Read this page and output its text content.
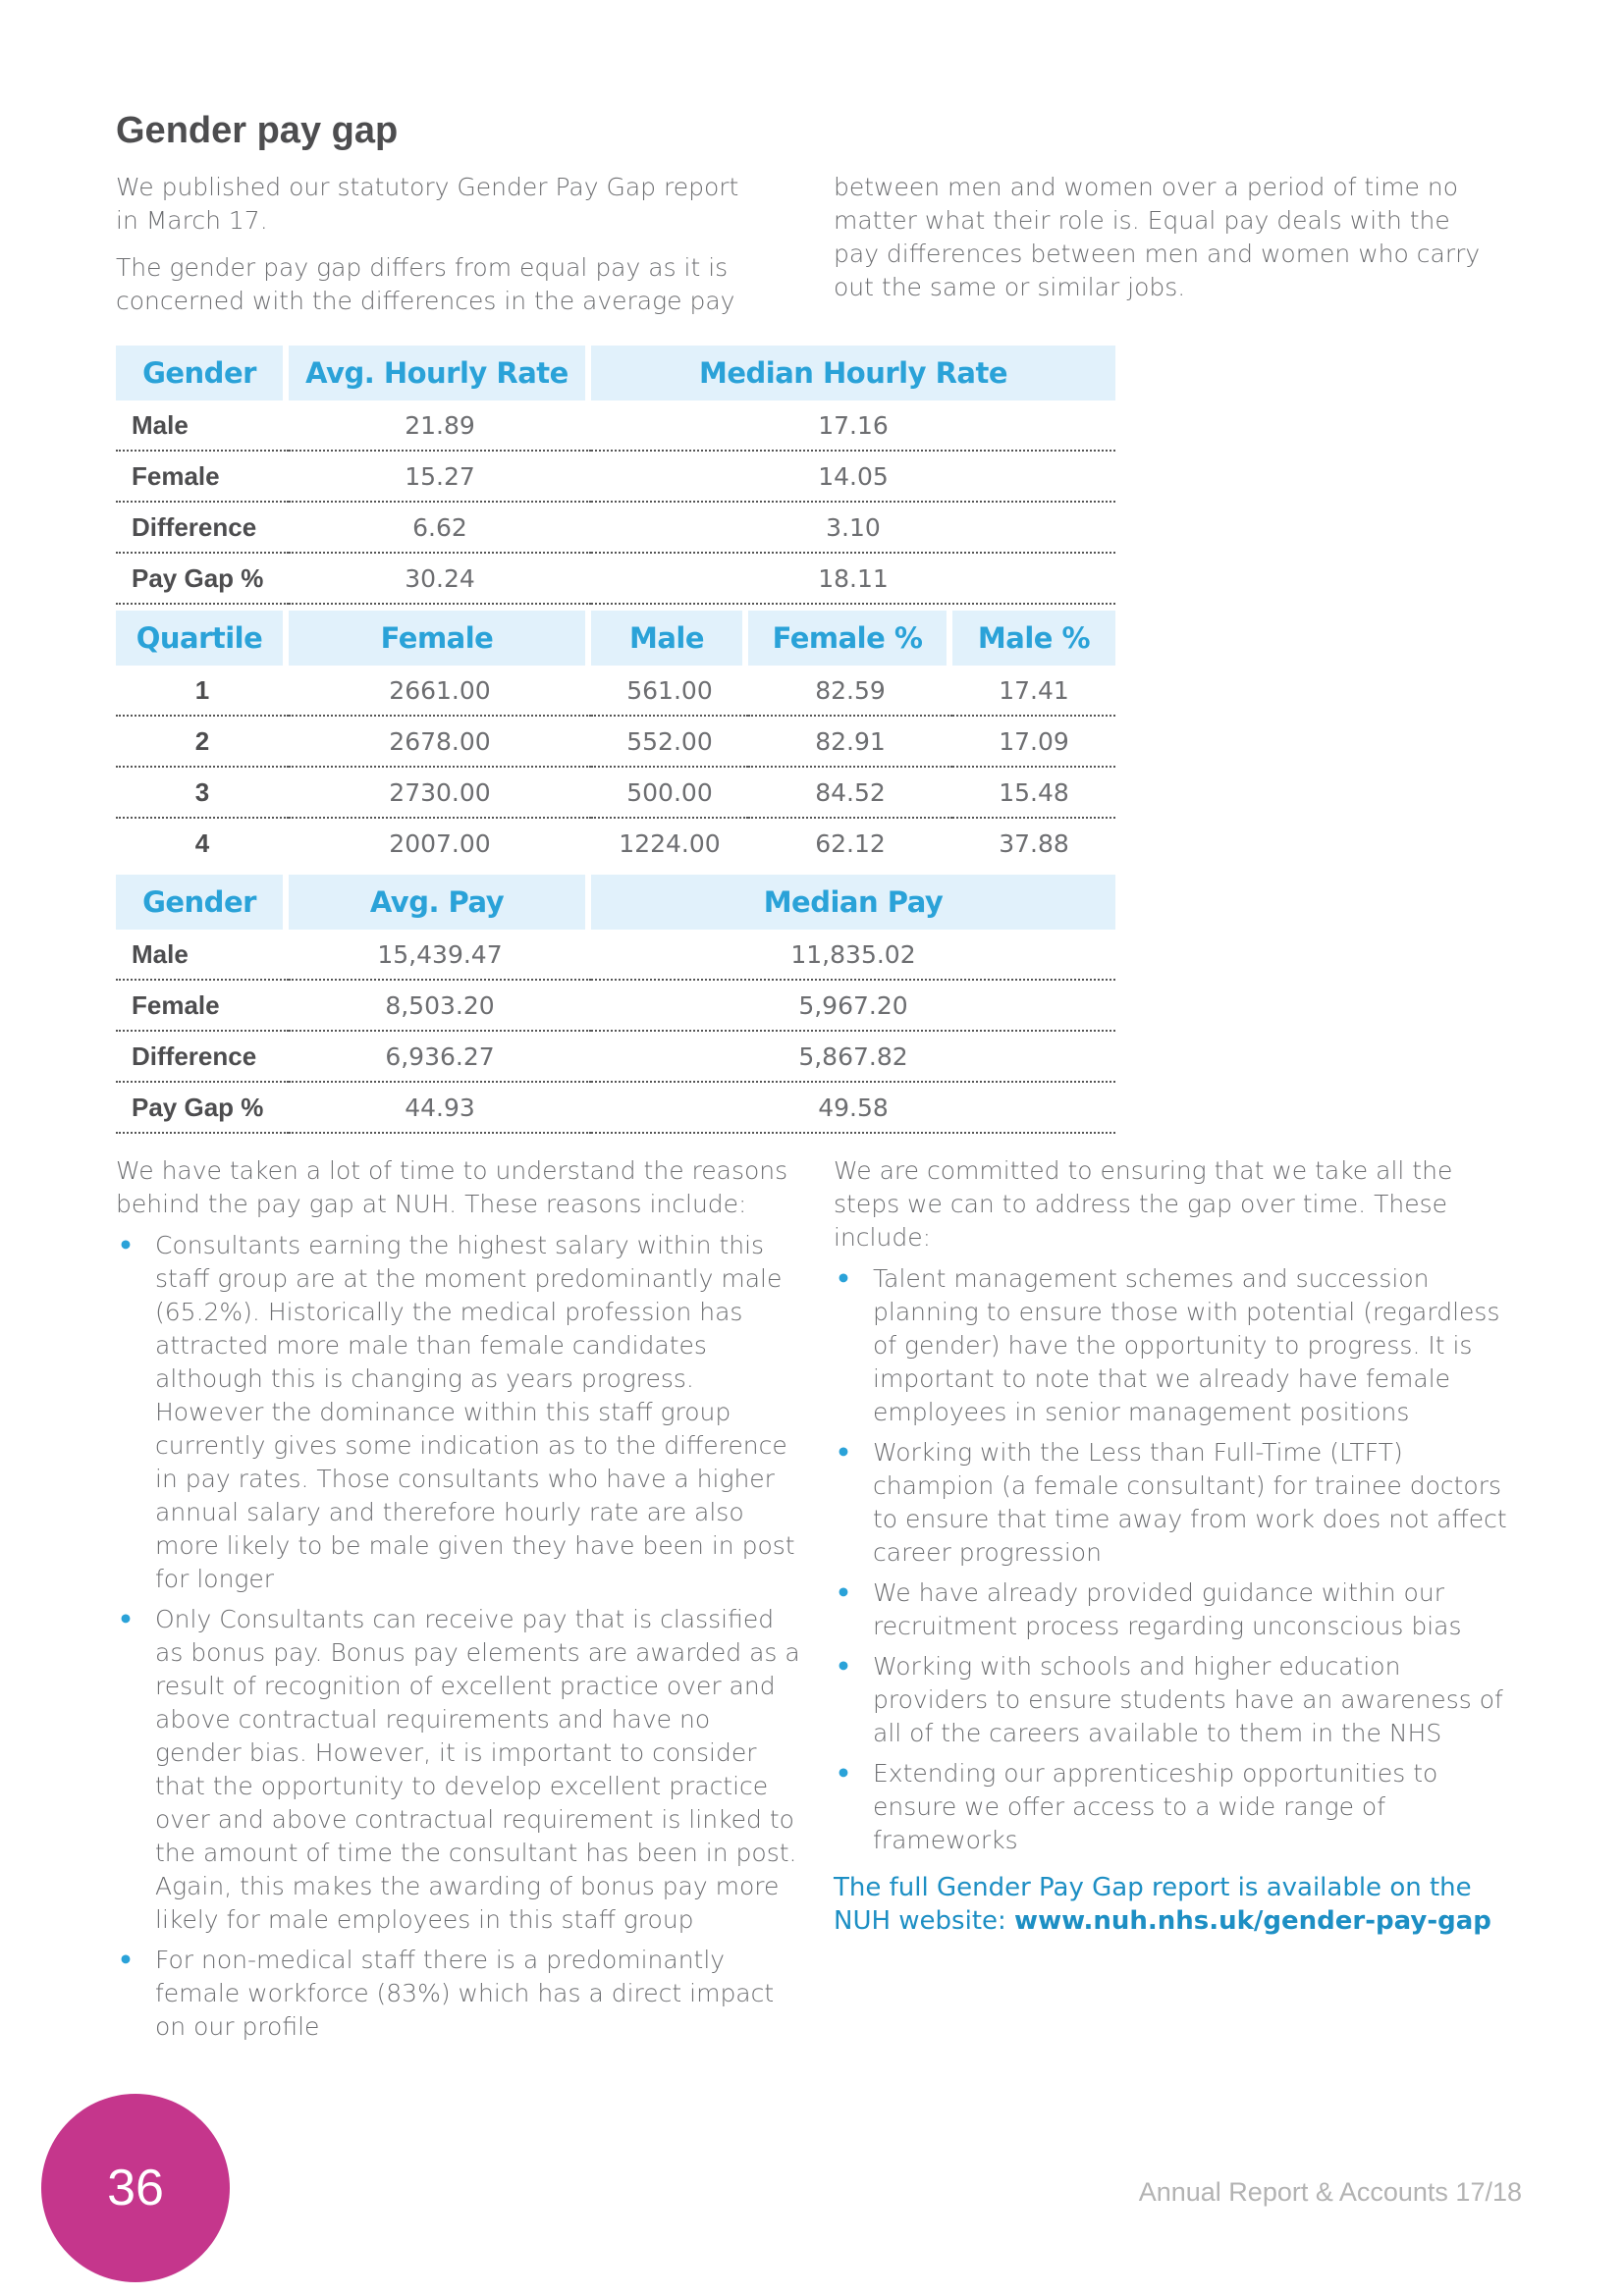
Gender pay gap

We published our statutory Gender Pay Gap report in March 17.

The gender pay gap differs from equal pay as it is concerned with the differences in the average pay

between men and women over a period of time no matter what their role is. Equal pay deals with the pay differences between men and women who carry out the same or similar jobs.

Gender	Avg. Hourly Rate	Median Hourly Rate
Male	21.89	17.16
Female	15.27	14.05
Difference	6.62	3.10
Pay Gap %	30.24	18.11
Quartile	Female	Male	Female %	Male %
1	2661.00	561.00	82.59	17.41
2	2678.00	552.00	82.91	17.09
3	2730.00	500.00	84.52	15.48
4	2007.00	1224.00	62.12	37.88
Gender	Avg. Pay	Median Pay
Male	15,439.47	11,835.02
Female	8,503.20	5,967.20
Difference	6,936.27	5,867.82
Pay Gap %	44.93	49.58

We have taken a lot of time to understand the reasons behind the pay gap at NUH. These reasons include:

• Consultants earning the highest salary within this staff group are at the moment predominantly male (65.2%). Historically the medical profession has attracted more male than female candidates although this is changing as years progress. However the dominance within this staff group currently gives some indication as to the difference in pay rates. Those consultants who have a higher annual salary and therefore hourly rate are also more likely to be male given they have been in post for longer
• Only Consultants can receive pay that is classified as bonus pay. Bonus pay elements are awarded as a result of recognition of excellent practice over and above contractual requirements and have no gender bias. However, it is important to consider that the opportunity to develop excellent practice over and above contractual requirement is linked to the amount of time the consultant has been in post. Again, this makes the awarding of bonus pay more likely for male employees in this staff group
• For non-medical staff there is a predominantly female workforce (83%) which has a direct impact on our profile

We are committed to ensuring that we take all the steps we can to address the gap over time. These include:

• Talent management schemes and succession planning to ensure those with potential (regardless of gender) have the opportunity to progress. It is important to note that we already have female employees in senior management positions
• Working with the Less than Full-Time (LTFT) champion (a female consultant) for trainee doctors to ensure that time away from work does not affect career progression
• We have already provided guidance within our recruitment process regarding unconscious bias
• Working with schools and higher education providers to ensure students have an awareness of all of the careers available to them in the NHS
• Extending our apprenticeship opportunities to ensure we offer access to a wide range of frameworks
The full Gender Pay Gap report is available on the NUH website: www.nuh.nhs.uk/gender-pay-gap
36	Annual Report & Accounts 17/18
